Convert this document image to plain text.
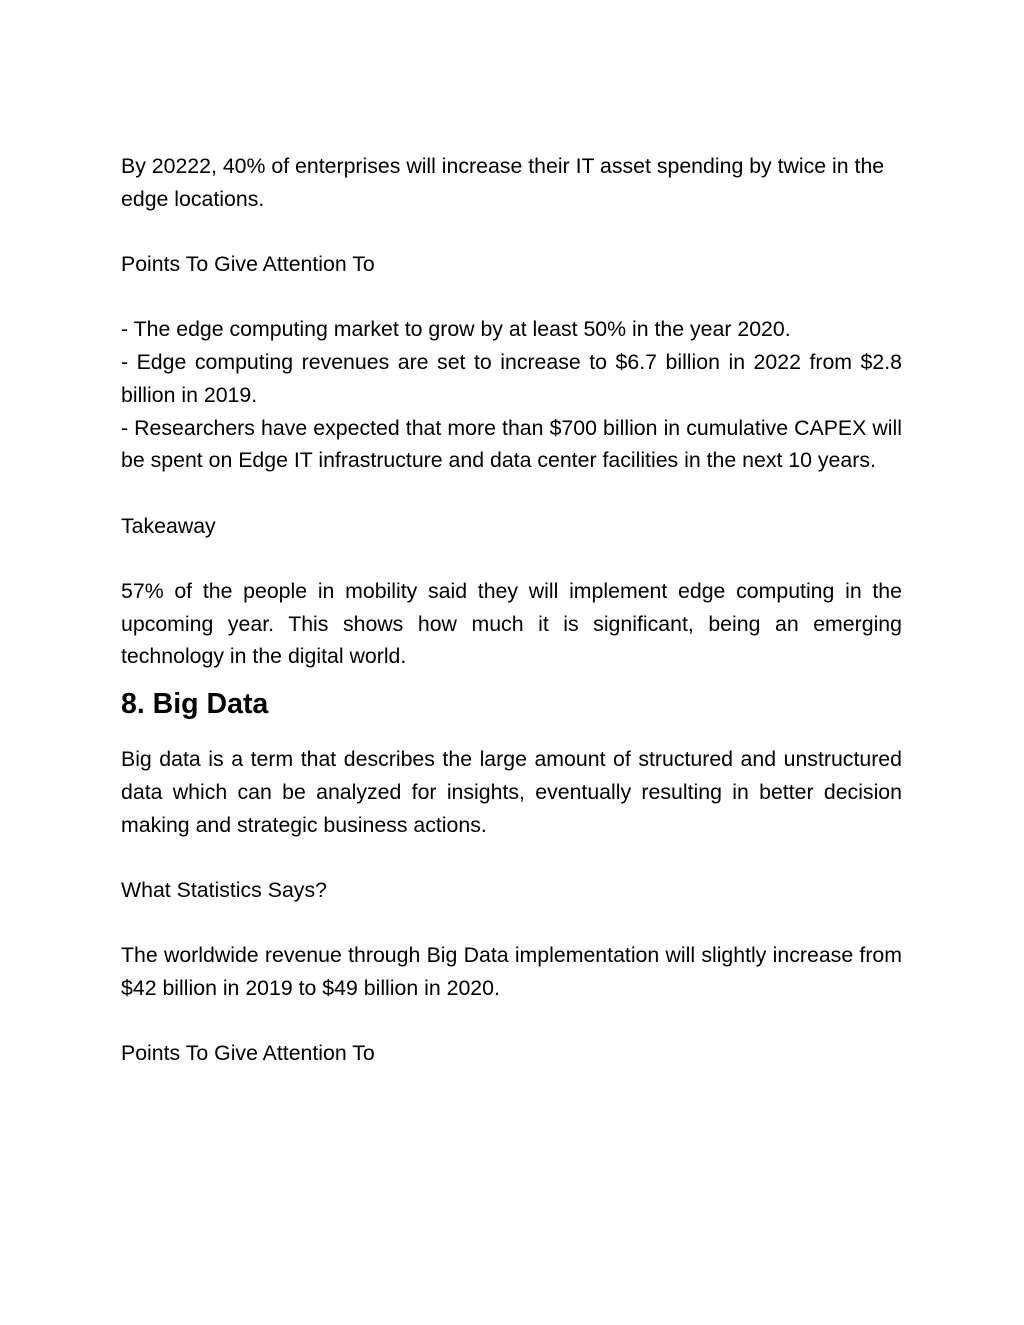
By 20222, 40% of enterprises will increase their IT asset spending by twice in the edge locations.

Points To Give Attention To

- The edge computing market to grow by at least 50% in the year 2020.

- Edge computing revenues are set to increase to $6.7 billion in 2022 from $2.8 billion in 2019.

- Researchers have expected that more than $700 billion in cumulative CAPEX will be spent on Edge IT infrastructure and data center facilities in the next 10 years.

Takeaway

57% of the people in mobility said they will implement edge computing in the upcoming year. This shows how much it is significant, being an emerging technology in the digital world.

8. Big Data

Big data is a term that describes the large amount of structured and unstructured data which can be analyzed for insights, eventually resulting in better decision making and strategic business actions.

What Statistics Says?

The worldwide revenue through Big Data implementation will slightly increase from $42 billion in 2019 to $49 billion in 2020.

Points To Give Attention To
